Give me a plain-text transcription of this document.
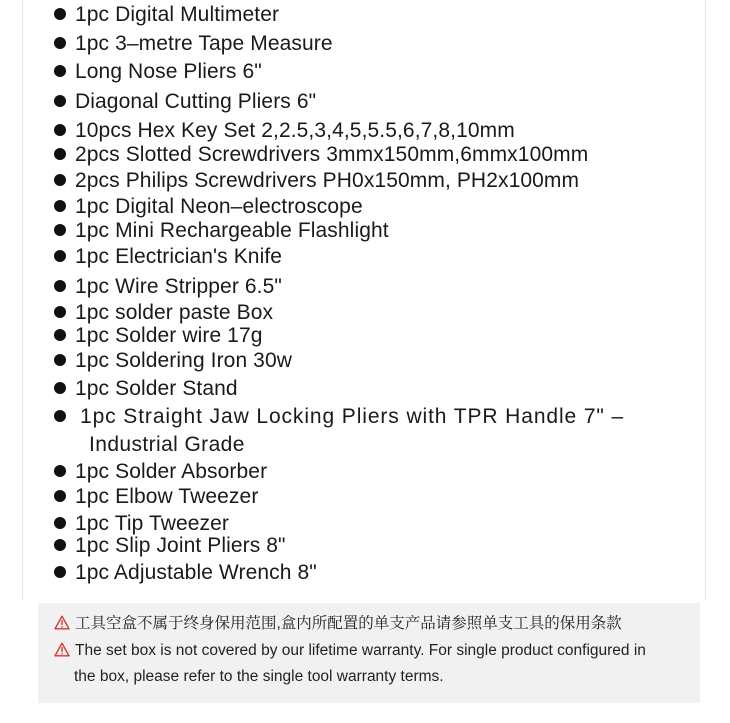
1pc Digital Multimeter
1pc 3–metre Tape Measure
Long Nose Pliers 6"
Diagonal Cutting Pliers 6"
10pcs Hex Key Set 2,2.5,3,4,5,5.5,6,7,8,10mm
2pcs Slotted Screwdrivers 3mmx150mm,6mmx100mm
2pcs Philips Screwdrivers PH0x150mm, PH2x100mm
1pc Digital Neon–electroscope
1pc Mini Rechargeable Flashlight
1pc Electrician's Knife
1pc Wire Stripper 6.5"
1pc solder paste Box
1pc Solder wire 17g
1pc Soldering Iron 30w
1pc Solder Stand
1pc Straight Jaw Locking Pliers with TPR Handle 7" –
Industrial Grade
1pc Solder Absorber
1pc Elbow Tweezer
1pc Tip Tweezer
1pc Slip Joint Pliers 8"
1pc Adjustable Wrench 8"
工具空盒不属于终身保用范围,盒内所配置的单支产品请参照单支工具的保用条款
The set box is not covered by our lifetime warranty. For single product configured in
the box, please refer to the single tool warranty terms.
